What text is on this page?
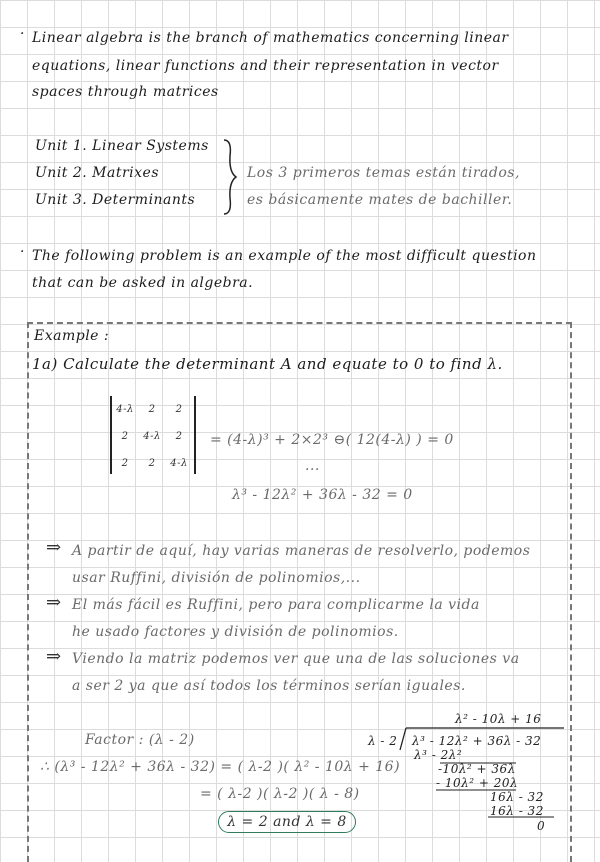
· Linear algebra is the branch of mathematics concerning linear
equations, linear functions and their representation in vector
spaces through matrices
Unit 1. Linear Systems
Unit 2. Matrixes
Unit 3. Determinants
Los 3 primeros temas están tirados,
es básicamente mates de bachiller.
· The following problem is an example of the most difficult question
that can be asked in algebra.
Example :
1a) Calculate the determinant A and equate to 0 to find λ.
4-λ	2	2
2	4-λ	2
2	2	4-λ
= (4-λ)³ + 2×2³ ⊖( 12(4-λ) ) = 0
...
λ³ - 12λ² + 36λ - 32 = 0
⇒ A partir de aquí, hay varias maneras de resolverlo, podemos
usar Ruffini, división de polinomios,...
⇒ El más fácil es Ruffini, pero para complicarme la vida
he usado factores y división de polinomios.
⇒ Viendo la matriz podemos ver que una de las soluciones va
a ser 2 ya que así todos los términos serían iguales.
Factor : (λ - 2)
∴ (λ³ - 12λ² + 36λ - 32) = ( λ-2 )( λ² - 10λ + 16)
= ( λ-2 )( λ-2 )( λ - 8)
λ = 2 and λ = 8
λ² - 10λ + 16
λ - 2 λ³ - 12λ² + 36λ - 32
λ³ - 2λ²
-10λ² + 36λ
- 10λ² + 20λ
16λ - 32
16λ - 32
0
